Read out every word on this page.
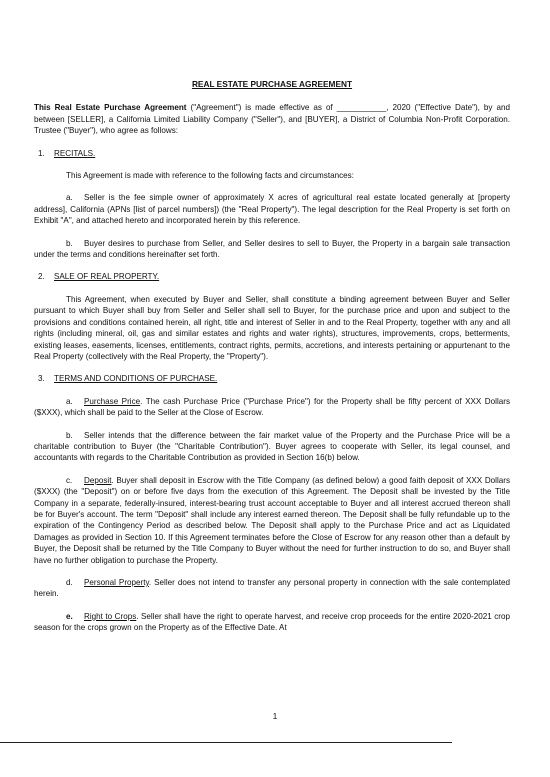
REAL ESTATE PURCHASE AGREEMENT

This Real Estate Purchase Agreement ("Agreement") is made effective as of ___________, 2020 ("Effective Date"), by and between [SELLER], a California Limited Liability Company ("Seller"), and [BUYER], a District of Columbia Non-Profit Corporation. Trustee ("Buyer"), who agree as follows:

1.	RECITALS.

This Agreement is made with reference to the following facts and circumstances:

a. Seller is the fee simple owner of approximately X acres of agricultural real estate located generally at [property address], California (APNs [list of parcel numbers]) (the "Real Property"). The legal description for the Real Property is set forth on Exhibit "A", and attached hereto and incorporated herein by this reference.

b. Buyer desires to purchase from Seller, and Seller desires to sell to Buyer, the Property in a bargain sale transaction under the terms and conditions hereinafter set forth.

2.	SALE OF REAL PROPERTY.

This Agreement, when executed by Buyer and Seller, shall constitute a binding agreement between Buyer and Seller pursuant to which Buyer shall buy from Seller and Seller shall sell to Buyer, for the purchase price and upon and subject to the provisions and conditions contained herein, all right, title and interest of Seller in and to the Real Property, together with any and all rights (including mineral, oil, gas and similar estates and rights and water rights), structures, improvements, crops, betterments, existing leases, easements, licenses, entitlements, contract rights, permits, accretions, and interests pertaining or appurtenant to the Real Property (collectively with the Real Property, the "Property").

3.	TERMS AND CONDITIONS OF PURCHASE.

a. Purchase Price. The cash Purchase Price ("Purchase Price") for the Property shall be fifty percent of XXX Dollars ($XXX), which shall be paid to the Seller at the Close of Escrow.

b. Seller intends that the difference between the fair market value of the Property and the Purchase Price will be a charitable contribution to Buyer (the "Charitable Contribution"). Buyer agrees to cooperate with Seller, its legal counsel, and accountants with regards to the Charitable Contribution as provided in Section 16(b) below.

c. Deposit. Buyer shall deposit in Escrow with the Title Company (as defined below) a good faith deposit of XXX Dollars ($XXX) (the "Deposit") on or before five days from the execution of this Agreement. The Deposit shall be invested by the Title Company in a separate, federally-insured, interest-bearing trust account acceptable to Buyer and all interest accrued thereon shall be for Buyer's account. The term "Deposit" shall include any interest earned thereon. The Deposit shall be fully refundable up to the expiration of the Contingency Period as described below. The Deposit shall apply to the Purchase Price and act as Liquidated Damages as provided in Section 10. If this Agreement terminates before the Close of Escrow for any reason other than a default by Buyer, the Deposit shall be returned by the Title Company to Buyer without the need for further instruction to do so, and Buyer shall have no further obligation to purchase the Property.

d. Personal Property. Seller does not intend to transfer any personal property in connection with the sale contemplated herein.

e. Right to Crops. Seller shall have the right to operate harvest, and receive crop proceeds for the entire 2020-2021 crop season for the crops grown on the Property as of the Effective Date. At

1
